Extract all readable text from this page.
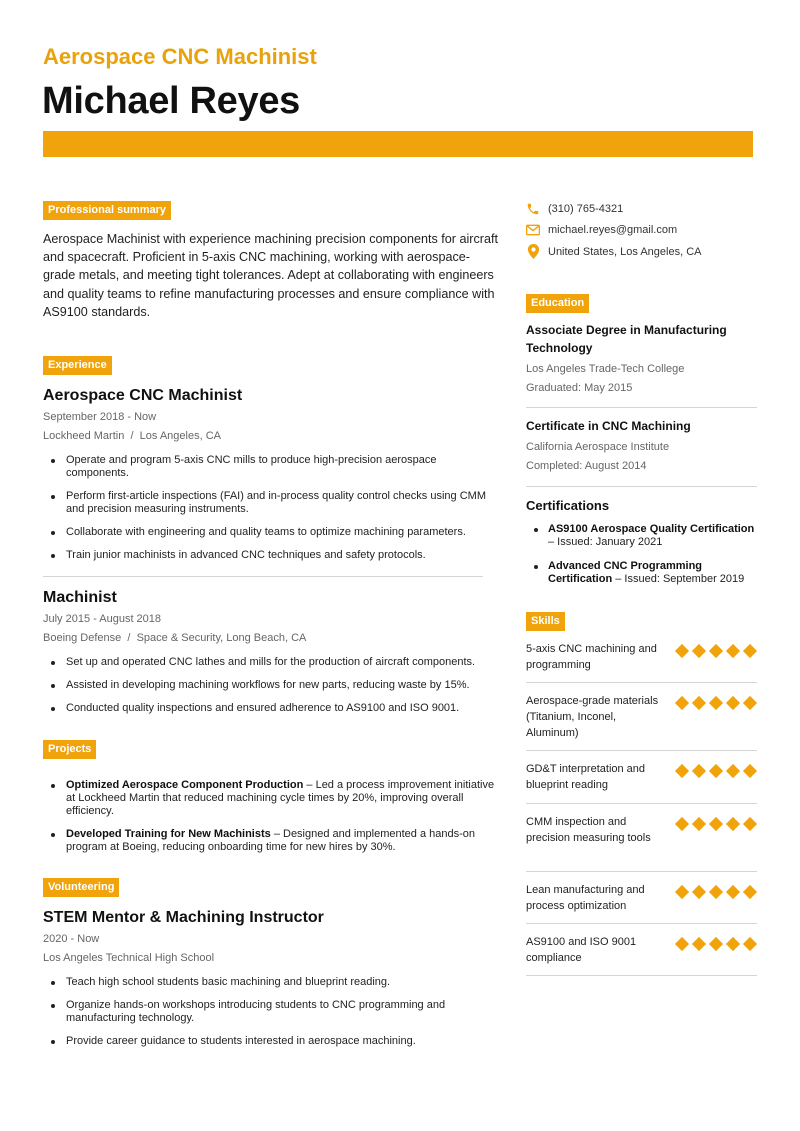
Aerospace CNC Machinist
Michael Reyes
Professional summary

Aerospace Machinist with experience machining precision components for aircraft and spacecraft. Proficient in 5-axis CNC machining, working with aerospace-grade metals, and meeting tight tolerances. Adept at collaborating with engineers and quality teams to refine manufacturing processes and ensure compliance with AS9100 standards.

Experience
Aerospace CNC Machinist
September 2018 - Now
Lockheed Martin / Los Angeles, CA
Operate and program 5-axis CNC mills to produce high-precision aerospace components.
Perform first-article inspections (FAI) and in-process quality control checks using CMM and precision measuring instruments.
Collaborate with engineering and quality teams to optimize machining parameters.
Train junior machinists in advanced CNC techniques and safety protocols.
Machinist
July 2015 - August 2018
Boeing Defense / Space & Security, Long Beach, CA
Set up and operated CNC lathes and mills for the production of aircraft components.
Assisted in developing machining workflows for new parts, reducing waste by 15%.
Conducted quality inspections and ensured adherence to AS9100 and ISO 9001.
Projects
Optimized Aerospace Component Production – Led a process improvement initiative at Lockheed Martin that reduced machining cycle times by 20%, improving overall efficiency.
Developed Training for New Machinists – Designed and implemented a hands-on program at Boeing, reducing onboarding time for new hires by 30%.
Volunteering
STEM Mentor & Machining Instructor
2020 - Now
Los Angeles Technical High School
Teach high school students basic machining and blueprint reading.
Organize hands-on workshops introducing students to CNC programming and manufacturing technology.
Provide career guidance to students interested in aerospace machining.
(310) 765-4321
michael.reyes@gmail.com
United States, Los Angeles, CA
Education
Associate Degree in Manufacturing Technology
Los Angeles Trade-Tech College
Graduated: May 2015
Certificate in CNC Machining
California Aerospace Institute
Completed: August 2014
Certifications
AS9100 Aerospace Quality Certification – Issued: January 2021
Advanced CNC Programming Certification – Issued: September 2019
Skills
5-axis CNC machining and programming
Aerospace-grade materials (Titanium, Inconel, Aluminum)
GD&T interpretation and blueprint reading
CMM inspection and precision measuring tools
Lean manufacturing and process optimization
AS9100 and ISO 9001 compliance
